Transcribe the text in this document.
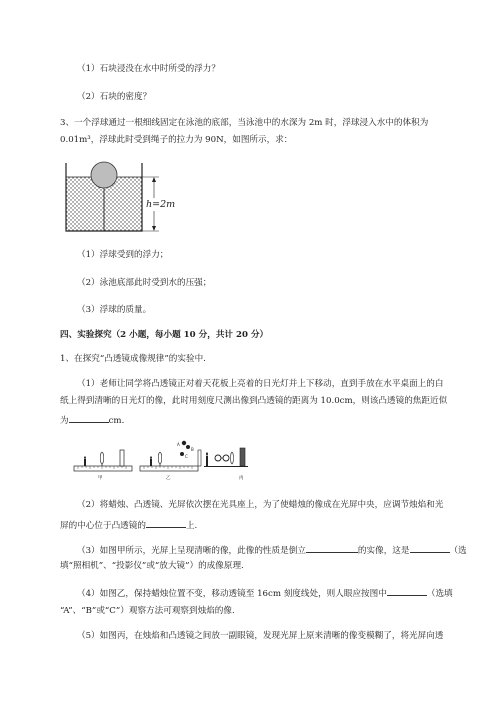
（1）石块浸没在水中时所受的浮力？
（2）石块的密度？
3、一个浮球通过一根细线固定在泳池的底部，当泳池中的水深为 2m 时，浮球浸入水中的体积为
0.01m³，浮球此时受到绳子的拉力为 90N，如图所示，求：
h=2m
（1）浮球受到的浮力；
（2）泳池底部此时受到水的压强；
（3）浮球的质量。
四、实验探究（2 小题，每小题 10 分，共计 20 分）
1、在探究“凸透镜成像规律”的实验中.
（1）老师让同学将凸透镜正对着天花板上亮着的日光灯并上下移动，直到手放在水平桌面上的白
纸上得到清晰的日光灯的像，此时用刻度尺测出像到凸透镜的距离为 10.0cm，则该凸透镜的焦距近似
为	cm.
A
B
C
甲	乙	丙
（2）将蜡烛、凸透镜、光屏依次摆在光具座上，为了使蜡烛的像成在光屏中央，应调节烛焰和光
屏的中心位于凸透镜的	上.
（3）如图甲所示，光屏上呈现清晰的像，此像的性质是倒立	的实像，这是	（选
填“照相机”、“投影仪”或“放大镜”）的成像原理.
（4）如图乙，保持蜡烛位置不变，移动透镜至 16cm 刻度线处，则人眼应按图中	（选填
“A”、“B”或“C”）观察方法可观察到烛焰的像.
（5）如图丙，在烛焰和凸透镜之间放一副眼镜，发现光屏上原来清晰的像变模糊了，将光屏向透
